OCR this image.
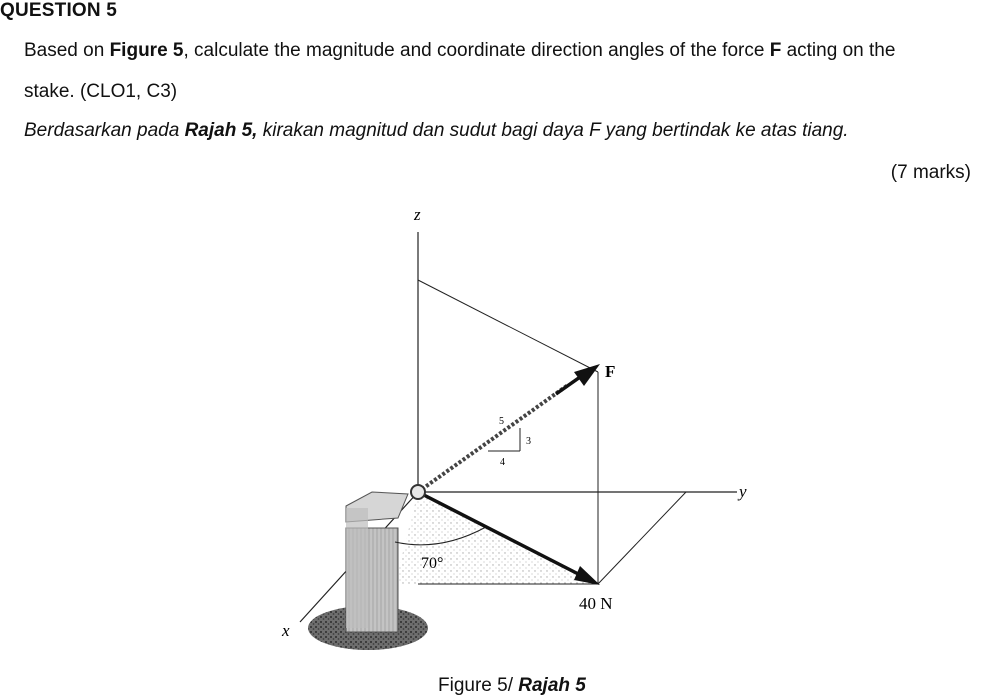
QUESTION 5
Based on Figure 5, calculate the magnitude and coordinate direction angles of the force F acting on the
stake. (CLO1, C3)
Berdasarkan pada Rajah 5, kirakan magnitud dan sudut bagi daya F yang bertindak ke atas tiang.
(7 marks)
5
3
4
z
y
x
F
70°
40 N
Figure 5/ Rajah 5
